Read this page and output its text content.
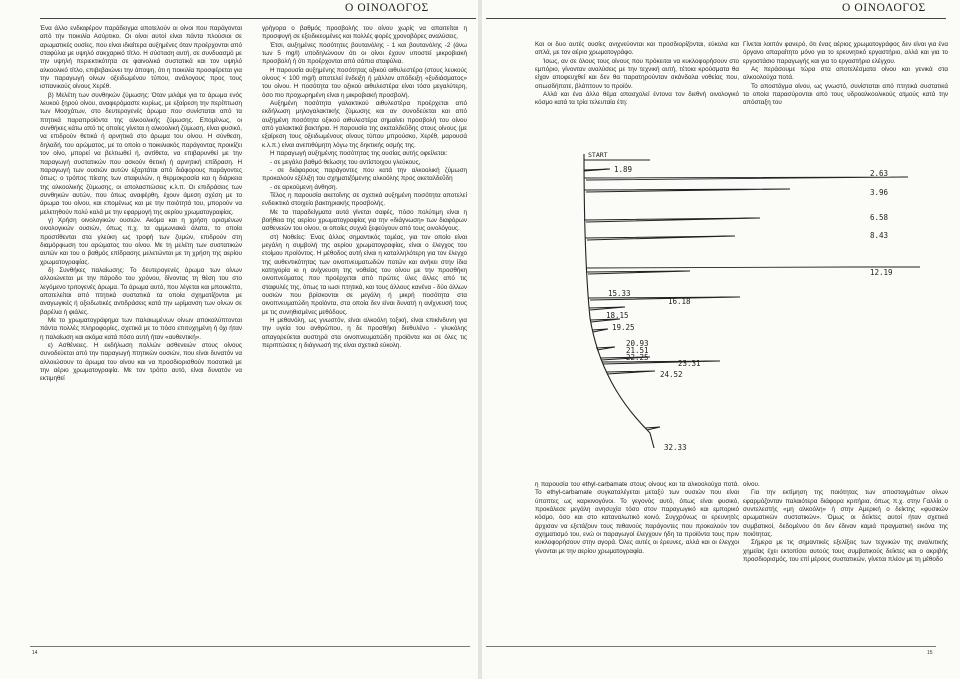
Ο ΟΙΝΟΛΟΓΟΣ

Ένα άλλο ενδιαφέρον παράδειγμα αποτελούν οι οίνοι που παράγονται από την ποικιλία Ασύρτικο. Οι οίνοι αυτοί είναι πάντα πλούσιοι σε αρωματικές ουσίες, που είναι ιδιαίτερα αυξημένες όταν προέρχονται από σταφύλια με υψηλό σακχαρικό τίτλο. Η σύσταση αυτή, σε συνδυασμό με την υψηλή περιεκτικότητα σε φαινολικά συστατικά και τον υψηλό αλκοολικό τίτλο, επιβεβαιώνει την άποψη, ότι η ποικιλία προσφέρεται για την παραγωγή οίνων οξειδωμένου τύπου, ανάλογους προς τους ισπανικούς οίνους Χερέθ.

β) Μελέτη των συνθηκών ζύμωσης: Όταν μιλάμε για το άρωμα ενός λευκού ξηρού οίνου, αναφερόμαστε κυρίως, με εξαίρεση την περίπτωση των Μοσχάτων, στο δευτερογενές άρωμα που συνίσταται από τα πτητικά παραπροϊόντα της αλκοολικής ζύμωσης. Επομένως, οι συνθήκες κάτω από τις οποίες γίνεται η αλκοολική ζύμωση, είναι φυσικό, να επιδρούν θετικά ή αρνητικά στο άρωμα του οίνου. Η σύνθεση, δηλαδή, του αρώματος, με το οποίο ο ποικιλιακός παράγοντας προικίζει τον οίνο, μπορεί να βελτιωθεί ή, αντίθετα, να επιβαρυνθεί με την παραγωγή συστατικών που ασκούν θετική ή αρνητική επίδραση. Η παραγωγή των ουσιών αυτών εξαρτάται από διάφορους παράγοντες όπως: ο τρόπος πίεσης των σταφυλών, η θερμοκρασία και η διάρκεια της αλκοολικής ζύμωσης, οι απολασπώσεις κ.λ.π. Οι επιδράσεις των συνθηκών αυτών, που όπως αναφέρθη, έχουν άμεση σχέση με το άρωμα του οίνου, και επομένως και με την ποιότητά του, μπορούν να μελετηθούν πολύ καλά με την εφαρμογή της αερίου χρωματογραφίας.

γ) Χρήση οινολογικών ουσιών. Ακόμα και η χρήση ορισμένων οινολογικών ουσιών, όπως π.χ. τα αμμωνιακά άλατα, το οποία προστίθενται στα γλεύκη ως τροφή των ζυμών, επιδρούν στη διαμόρφωση του αρώματος του οίνου. Με τη μελέτη των συστατικών αυτών και του ο βαθμός επίδρασης μελετώνται με τη χρήση της αερίου χρωματογραφίας.

δ) Συνθήκες παλαίωσης: Το δευτερογενές άρωμα των οίνων αλλοιώνεται με την πάροδο του χρόνου, δίνοντας τη θέση του στο λεγόμενο τριτογενές άρωμα. Το άρωμα αυτό, που λέγεται και μπουκέττο, αποτελείται από πτητικά συστατικά τα οποία σχηματίζονται με αναγωγικές ή οξειδωτικές αντιδράσεις κατά την ωρίμανση των οίνων σε βαρέλια ή φιάλες.

Με το χρωματογράφημα των παλαιωμένων οίνων αποκαλύπτονται πάντα πολλές πληροφορίες, σχετικά με το πόσο επιτυχημένη ή όχι ήταν η παλαίωση και ακόμα κατά πόσο αυτή ήταν «αυθεντική».

ε) Ασθένειες. Η εκδήλωση πολλών ασθενειών στους οίνους συνοδεύεται από την παραγωγή πτητικών ουσιών, που είναι δυνατόν να αλλοιώσουν το άρωμα του οίνου και να προσδιορισθούν ποσοτικά με την αέριο χρωματογραφία. Με τον τρόπο αυτό, είναι δυνατόν να εκτιμηθεί

γρήγορα ο βαθμός προσβολής του οίνου χωρίς να απαιτείται η προσφυγή σε εξειδικευμένες και πολλές φορές χρονοβόρες αναλύσεις.

Έτσι, αυξημένες ποσότητες βουτανόλης - 1 και βουτανόλης -2 (άνω των 5 mg/l) υποδηλώνουν ότι οι οίνοι έχουν υποστεί μικροβιακή προσβολή ή ότι προέρχονται από σάπια σταφύλια.

Η παρουσία αυξημένης ποσότητας οξικού αιθυλεστέρα (στους λευκούς οίνους < 100 mg/l) αποτελεί ένδειξη ή μάλλον απόδειξη «ξυδιάσματος» του οίνου. Η ποσότητα του οξικού αιθυλεστέρα είναι τόσο μεγαλύτερη, όσο πιο προχωρημένη είναι η μικροβιακή προσβολή.

Αυξημένη ποσότητα γαλακτικού αιθυλεστέρα προέρχεται από εκδήλωση μηλογαλακτικής ζύμωσης και αν συνοδεύεται και από αυξημένη ποσότητα οξικού αιθυλεστέρα σημαίνει προσβολή του οίνου από γαλακτικά βακτήρια. Η παρουσία της ακεταλδεΰδης στους οίνους (με εξαίρεση τους οξειδωμένους οίνους τύπου μπρούσκο, Χερέθ, μαρουσά κ.λ.π.) είναι ανεπιθύμητη λόγω της δηκτικής οσμής της.

Η παραγωγή αυξημένης ποσότητας της ουσίας αυτής οφείλεται:

- σε μεγάλο βαθμό θείωσης του αντίστοιχου γλεύκους,

- σε διάφορους παράγοντες που κατά την αλκοολική ζύμωση προκαλούν εξέλιξη του σχηματιζόμενης αλκοόλης προς ακεταλδεΰδη

- σε αρκούμενη άνθηση.

Τέλος η παρουσία ακετοΐνης σε σχετικά αυξημένη ποσότητα αποτελεί ενδεικτικό στοιχείο βακτηριακής προσβολής.

Με τα παραδείγματα αυτά γίνεται σαφές, πόσο πολύτιμη είναι η βοήθεια της αερίου χρωματογραφίας για την «διάγνωση» των διαφόρων ασθενειών του οίνου, οι οποίες συχνά ξεφεύγουν από τους οινολόγους.

στ) Νοθείες: Ένας άλλος σημαντικός τομέας, για τον οποίο είναι μεγάλη η συμβολή της αερίου χρωματογραφίας, είναι ο έλεγχος του ετοίμου προϊόντος. Η μέθοδος αυτή είναι η καταλληλότερη για τον έλεγχο της αυθεντικότητας των οινοπνευματωδών ποτών και ανήκει στην ίδια κατηγορία κι η ανίχνευση της νοθείας του οίνου με την προσθήκη οινοπνεύματος που προέρχεται από πρώτες ύλες άλλες από τις σταφυλές της, όπως τα ιωσι πτητικά, και τους άλλους κανένα - δύο άλλων ουσιών που βρίσκονται σε μεγάλη ή μικρή ποσότητα στα οινοπνευματώδη προϊόντα, στα οποία δεν είναι δυνατή η ανίχνευσή τους με τις συνηθισμένες μεθόδους.

Η μεθανόλη, ως γνωστόν, είναι αλκοόλη τοξική, είναι επικίνδυνη για την υγεία του ανθρώπου, η δε προσθήκη διεθυλένο - γλυκόλης απαγορεύεται αυστηρά στα οινοπνευματώδη προϊόντα και σε όλες τις περιπτώσεις η διάγνωσή της είναι σχετικά εύκολη.

14
Ο ΟΙΝΟΛΟΓΟΣ

Και οι δυο αυτές ουσίες ανιχνεύονται και προσδιορίζονται, εύκολα και απλά, με τον αέριο χρωματογράφο.

Ίσως, αν σε όλους τους οίνους που πρόκειται να κυκλοφορήσουν στο εμπόριο, γίνονταν αναλύσεις με την τεχνική αυτή, τέτοια κρούσματα θα είχαν αποφευχθεί και δεν θα παρατηρούνταν σκάνδαλα νοθείας που, οπωσδήποτε, βλάπτουν το προϊόν.

Αλλά και ένα άλλο θέμα απασχολεί έντονα τον διεθνή οινολογικό κόσμο κατά τα τρία τελευταία έτη:

Γίνεται λοιπόν φανερό, ότι ένας αέριος χρωματογράφος δεν είναι για ένα όργανο απαραίτητο μόνο για το ερευνητικό εργαστήριο, αλλά και για το εργοστάσιο παραγωγής και για το εργαστήριο ελέγχου.

Ας περάσουμε τώρα στα αποτελέσματα οίνου και γενικά στα αλκοολούχα ποτά.

Το αποστάγμα οίνου, ως γνωστό, συνίσταται από πτητικά συστατικά τα οποία παρασύρονται από τους υδροαλκοολικούς ατμούς κατά την απόσταξη του

η παρουσία του ethyl-carbamate στους οίνους και τα αλκοολούχα ποτά. Το ethyl-carbamate συγκαταλέγεται μεταξύ των ουσιών που είναι ύποπτες ως καρκινογόνοι. Το γεγονός αυτό, όπως είναι φυσικό, προκάλεσε μεγάλη ανησυχία τόσο στον παραγωγικό και εμπορικό κόσμο, όσο και στο καταναλωτικό κοινό. Συγχρόνως οι ερευνητές άρχισαν να εξετάζουν τους πιθανούς παράγοντες που προκαλούν τον σχηματισμό του, ενώ οι παραγωγοί έλεγχουν ήδη τα προϊόντα τους πριν κυκλοφορήσουν στην αγορά. Όλες αυτές οι έρευνες, αλλά και οι έλεγχοι γίνονται με την αερίου χρωματογραφία.

οίνου.

Για την εκτίμηση της ποιότητας των αποσταγμάτων οίνων εφαρμόζονταν παλαιότερα διάφορα κριτήρια, όπως π.χ. στην Γαλλία ο συντελεστής «μη αλκοόλη» ή στην Αμερική ο δείκτης «φυσικών αρωματικών συστατικών». Όμως οι δείκτες αυτοί ήταν σχετικά συμβατικοί, δεδομένου ότι δεν έδιναν καμιά πραγματική εικόνα της ποιότητας.

Σήμερα με τις σημαντικές εξελίξεις των τεχνικών της αναλυτικής χημείας έχει εκτοπίσει αυτούς τους συμβατικούς δείκτες και ο ακριβής προσδιορισμός, του επί μέρους συστατικών, γίνεται πλέον με τη μέθοδο

15
START
1.89	2.63
3.96
6.58
8.43
12.19
15.33
16.18
18.15
19.25
20.93
21.51
22.25
23.31
24.52
32.33
